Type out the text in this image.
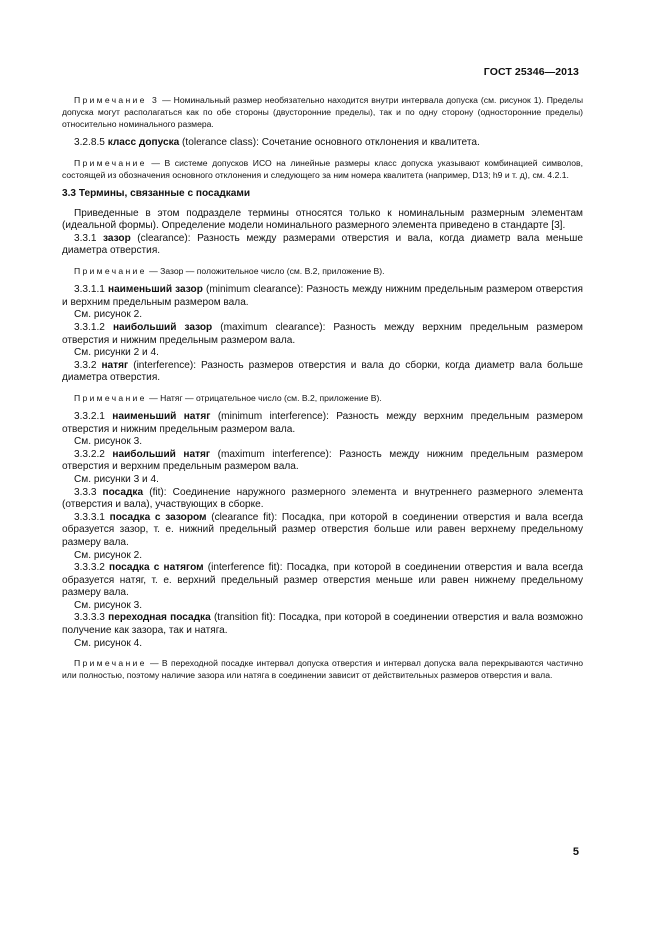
ГОСТ 25346—2013

Примечание 3 — Номинальный размер необязательно находится внутри интервала допуска (см. рисунок 1). Пределы допуска могут располагаться как по обе стороны (двусторонние пределы), так и по одну сторону (односторонние пределы) относительно номинального размера.

3.2.8.5 класс допуска (tolerance class): Сочетание основного отклонения и квалитета.

Примечание — В системе допусков ИСО на линейные размеры класс допуска указывают комбинацией символов, состоящей из обозначения основного отклонения и следующего за ним номера квалитета (например, D13; h9 и т. д), см. 4.2.1.

3.3 Термины, связанные с посадками

Приведенные в этом подразделе термины относятся только к номинальным размерным элементам (идеальной формы). Определение модели номинального размерного элемента приведено в стандарте [3].

3.3.1 зазор (clearance): Разность между размерами отверстия и вала, когда диаметр вала меньше диаметра отверстия.

Примечание — Зазор — положительное число (см. В.2, приложение В).

3.3.1.1 наименьший зазор (minimum clearance): Разность между нижним предельным размером отверстия и верхним предельным размером вала.

См. рисунок 2.

3.3.1.2 наибольший зазор (maximum clearance): Разность между верхним предельным размером отверстия и нижним предельным размером вала.

См. рисунки 2 и 4.

3.3.2 натяг (interference): Разность размеров отверстия и вала до сборки, когда диаметр вала больше диаметра отверстия.

Примечание — Натяг — отрицательное число (см. В.2, приложение В).

3.3.2.1 наименьший натяг (minimum interference): Разность между верхним предельным размером отверстия и нижним предельным размером вала.

См. рисунок 3.

3.3.2.2 наибольший натяг (maximum interference): Разность между нижним предельным размером отверстия и верхним предельным размером вала.

См. рисунки 3 и 4.

3.3.3 посадка (fit): Соединение наружного размерного элемента и внутреннего размерного элемента (отверстия и вала), участвующих в сборке.

3.3.3.1 посадка с зазором (clearance fit): Посадка, при которой в соединении отверстия и вала всегда образуется зазор, т. е. нижний предельный размер отверстия больше или равен верхнему предельному размеру вала.

См. рисунок 2.

3.3.3.2 посадка с натягом (interference fit): Посадка, при которой в соединении отверстия и вала всегда образуется натяг, т. е. верхний предельный размер отверстия меньше или равен нижнему предельному размеру вала.

См. рисунок 3.

3.3.3.3 переходная посадка (transition fit): Посадка, при которой в соединении отверстия и вала возможно получение как зазора, так и натяга.

См. рисунок 4.

Примечание — В переходной посадке интервал допуска отверстия и интервал допуска вала перекрываются частично или полностью, поэтому наличие зазора или натяга в соединении зависит от действительных размеров отверстия и вала.

5
